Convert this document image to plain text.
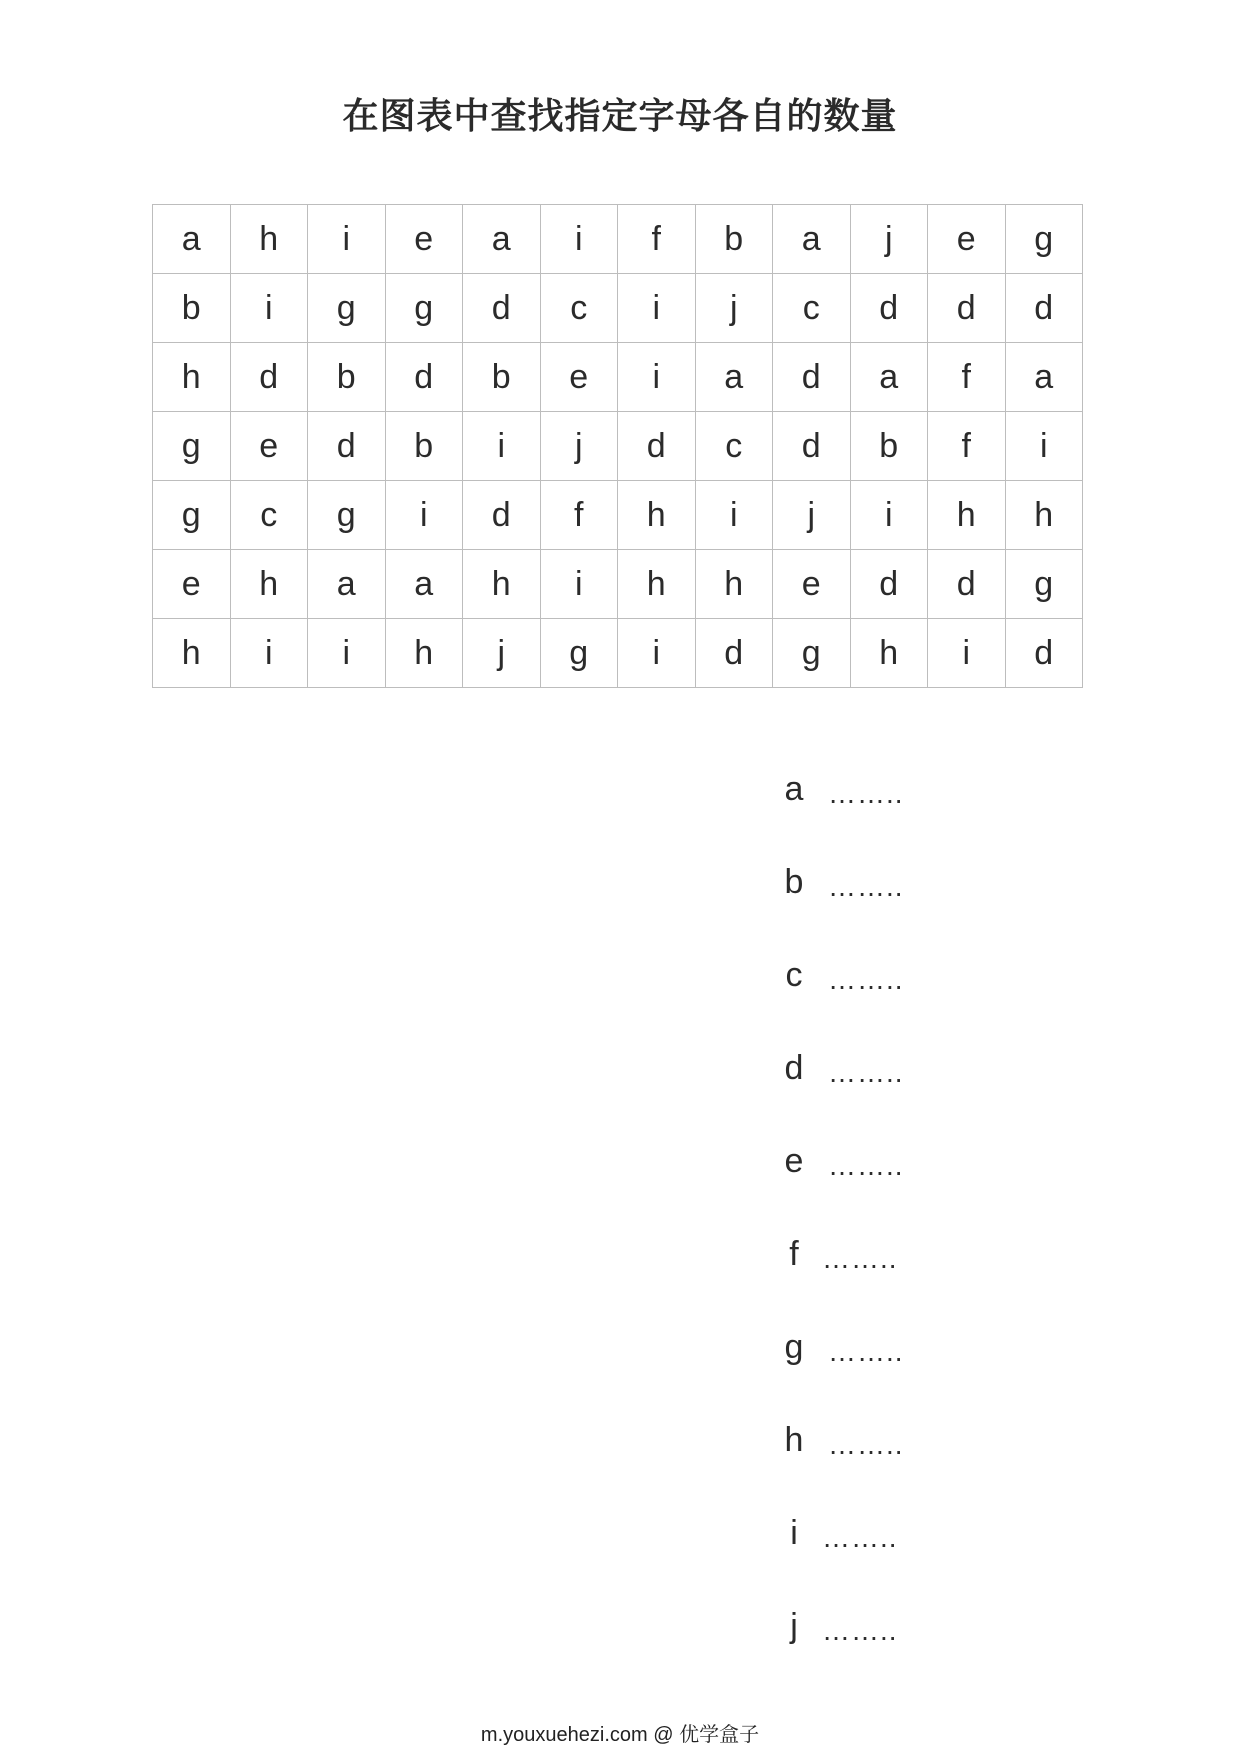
在图表中查找指定字母各自的数量
a	h	i	e	a	i	f	b	a	j	e	g
b	i	g	g	d	c	i	j	c	d	d	d
h	d	b	d	b	e	i	a	d	a	f	a
g	e	d	b	i	j	d	c	d	b	f	i
g	c	g	i	d	f	h	i	j	i	h	h
e	h	a	a	h	i	h	h	e	d	d	g
h	i	i	h	j	g	i	d	g	h	i	d
a ……..
b ……..
c ……..
d ……..
e ……..
f ……..
g ……..
h ……..
i ……..
j ……..
m.youxuehezi.com @ 优学盒子
